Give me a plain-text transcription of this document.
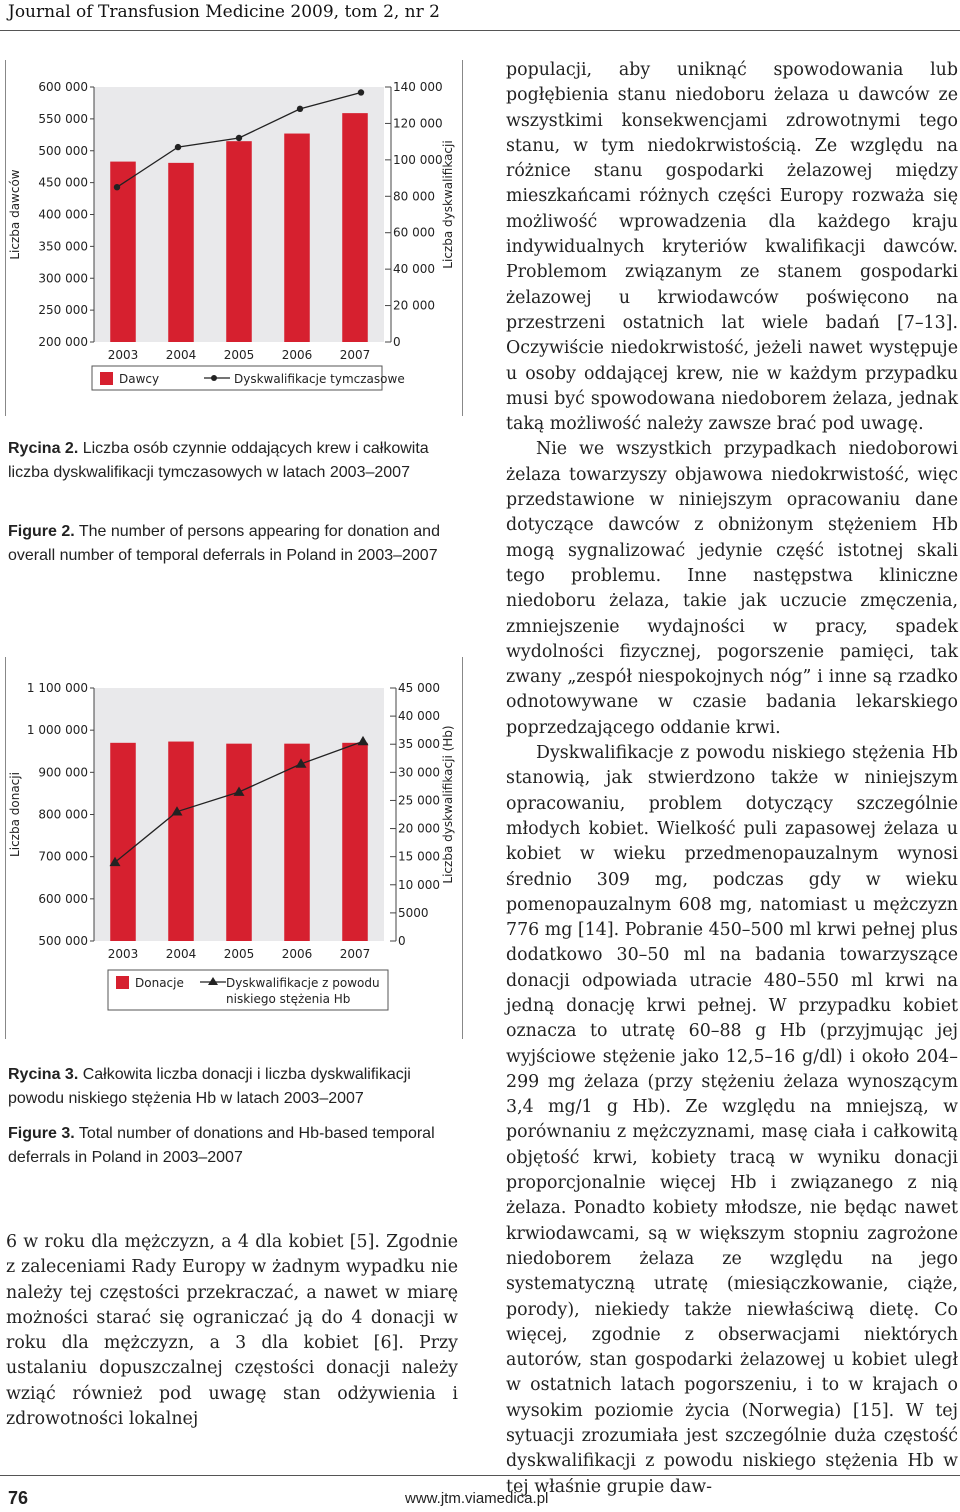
Journal of Transfusion Medicine 2009, tom 2, nr 2
600 000
550 000
500 000
450 000
400 000
350 000
300 000
250 000
200 000
140 000
120 000
100 000
80 000
60 000
40 000
20 000
0
Liczba dawców	Liczba dyskwalifikacji
2003 2004 2005 2006 2007
Dawcy	Dyskwalifikacje tymczasowe

Rycina 2. Liczba osób czynnie oddających krew i całkowita liczba dyskwalifikacji tymczasowych w latach 2003–2007

Figure 2. The number of persons appearing for donation and overall number of temporal deferrals in Poland in 2003–2007

1 100 000
1 000 000
900 000
800 000
700 000
600 000
500 000
45 000
40 000
35 000
30 000
25 000
20 000
15 000
10 000
5000
0
Liczba donacji	Liczba dyskwalifikacji (Hb)
2003 2004 2005 2006 2007
Donacje	Dyskwalifikacje z powodu
niskiego stężenia Hb

Rycina 3. Całkowita liczba donacji i liczba dyskwalifikacji powodu niskiego stężenia Hb w latach 2003–2007

Figure 3. Total number of donations and Hb-based temporal deferrals in Poland in 2003–2007

6 w roku dla mężczyzn, a 4 dla kobiet [5]. Zgodnie z zaleceniami Rady Europy w żadnym wypadku nie należy tej częstości przekraczać, a nawet w miarę możności starać się ograniczać ją do 4 donacji w roku dla mężczyzn, a 3 dla kobiet [6]. Przy ustalaniu dopuszczalnej częstości donacji należy wziąć również pod uwagę stan odżywienia i zdrowotności lokalnej

populacji, aby uniknąć spowodowania lub pogłębienia stanu niedoboru żelaza u dawców ze wszystkimi konsekwencjami zdrowotnymi tego stanu, w tym niedokrwistością. Ze względu na różnice stanu gospodarki żelazowej między mieszkańcami różnych części Europy rozważa się możliwość wprowadzenia dla każdego kraju indywidualnych kryteriów kwalifikacji dawców. Problemom związanym ze stanem gospodarki żelazowej u krwiodawców poświęcono na przestrzeni ostatnich lat wiele badań [7–13]. Oczywiście niedokrwistość, jeżeli nawet występuje u osoby oddającej krew, nie w każdym przypadku musi być spowodowana niedoborem żelaza, jednak taką możliwość należy zawsze brać pod uwagę.

Nie we wszystkich przypadkach niedoborowi żelaza towarzyszy objawowa niedokrwistość, więc przedstawione w niniejszym opracowaniu dane dotyczące dawców z obniżonym stężeniem Hb mogą sygnalizować jedynie część istotnej skali tego problemu. Inne następstwa kliniczne niedoboru żelaza, takie jak uczucie zmęczenia, zmniejszenie wydajności w pracy, spadek wydolności fizycznej, pogorszenie pamięci, tak zwany „zespół niespokojnych nóg” i inne są rzadko odnotowywane w czasie badania lekarskiego poprzedzającego oddanie krwi.

Dyskwalifikacje z powodu niskiego stężenia Hb stanowią, jak stwierdzono także w niniejszym opracowaniu, problem dotyczący szczególnie młodych kobiet. Wielkość puli zapasowej żelaza u kobiet w wieku przedmenopauzalnym wynosi średnio 309 mg, podczas gdy w wieku pomenopauzalnym 608 mg, natomiast u mężczyzn 776 mg [14]. Pobranie 450–500 ml krwi pełnej plus dodatkowo 30–50 ml na badania towarzyszące donacji odpowiada utracie 480–550 ml krwi na jedną donację krwi pełnej. W przypadku kobiet oznacza to utratę 60–88 g Hb (przyjmując jej wyjściowe stężenie jako 12,5–16 g/dl) i około 204–299 mg żelaza (przy stężeniu żelaza wynoszącym 3,4 mg/1 g Hb). Ze względu na mniejszą, w porównaniu z mężczyznami, masę ciała i całkowitą objętość krwi, kobiety tracą w wyniku donacji proporcjonalnie więcej Hb i związanego z nią żelaza. Ponadto kobiety młodsze, nie będąc nawet krwiodawcami, są w większym stopniu zagrożone niedoborem żelaza ze względu na jego systematyczną utratę (miesiączkowanie, ciąże, porody), niekiedy także niewłaściwą dietę. Co więcej, zgodnie z obserwacjami niektórych autorów, stan gospodarki żelazowej u kobiet uległ w ostatnich latach pogorszeniu, i to w krajach o wysokim poziomie życia (Norwegia) [15]. W tej sytuacji zrozumiała jest szczególnie duża częstość dyskwalifikacji z powodu niskiego stężenia Hb w tej właśnie grupie daw-

76	www.jtm.viamedica.pl
